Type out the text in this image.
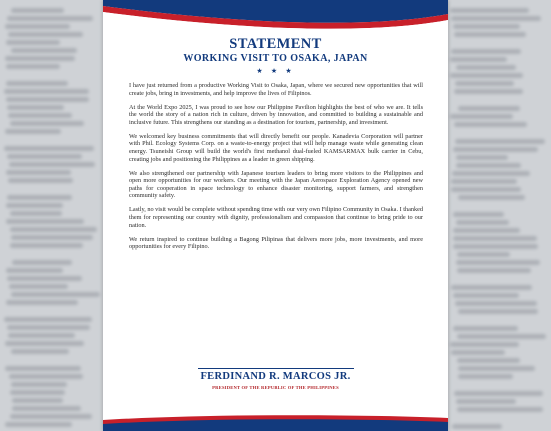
STATEMENT
WORKING VISIT TO OSAKA, JAPAN
★ ★ ★

I have just returned from a productive Working Visit to Osaka, Japan, where we secured new opportunities that will create jobs, bring in investments, and help improve the lives of Filipinos.

At the World Expo 2025, I was proud to see how our Philippine Pavilion highlights the best of who we are. It tells the world the story of a nation rich in culture, driven by innovation, and committed to building a sustainable and inclusive future. This strengthens our standing as a destination for tourism, partnership, and investment.

We welcomed key business commitments that will directly benefit our people. Kanadevia Corporation will partner with Phil. Ecology Systems Corp. on a waste-to-energy project that will help manage waste while generating clean energy. Tsuneishi Group will build the world's first methanol dual-fueled KAMSARMAX bulk carrier in Cebu, creating jobs and positioning the Philippines as a leader in green shipping.

We also strengthened our partnership with Japanese tourism leaders to bring more visitors to the Philippines and open more opportunities for our workers. Our meeting with the Japan Aerospace Exploration Agency opened new paths for cooperation in space technology to enhance disaster monitoring, support farmers, and strengthen community safety.

Lastly, no visit would be complete without spending time with our very own Filipino Community in Osaka. I thanked them for representing our country with dignity, professionalism and compassion that continue to bring pride to our nation.

We return inspired to continue building a Bagong Pilipinas that delivers more jobs, more investments, and more opportunities for every Filipino.

FERDINAND R. MARCOS JR.
PRESIDENT OF THE REPUBLIC OF THE PHILIPPINES
